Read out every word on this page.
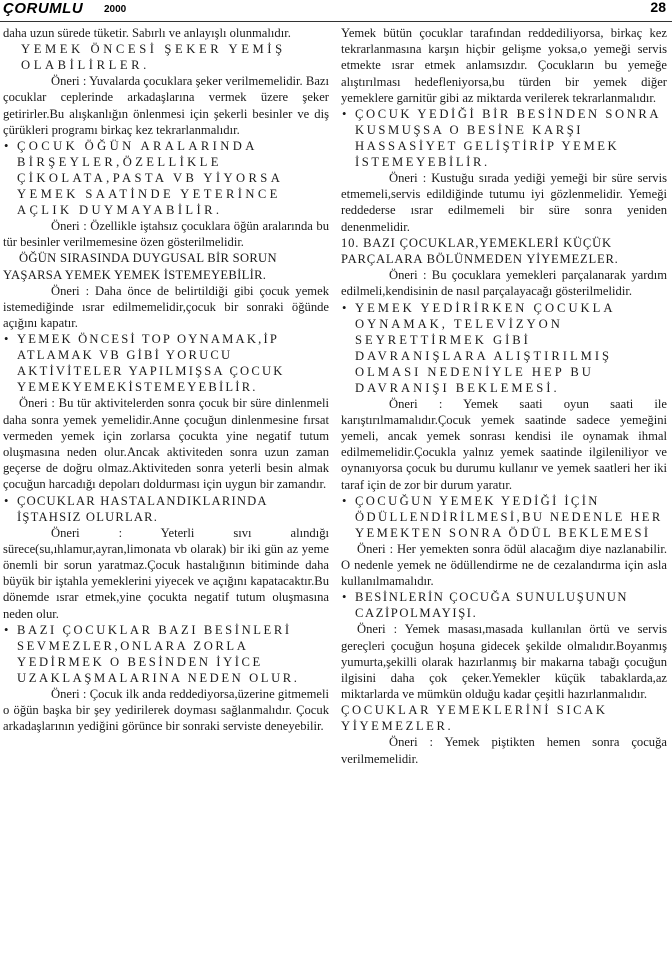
ÇORUMLU 2000	28

daha uzun sürede tüketir. Sabırlı ve anlayışlı olunmalıdır.

YEMEK ÖNCESİ ŞEKER YEMİŞ OLABİLİRLER.

Öneri : Yuvalarda çocuklara şeker verilmemelidir. Bazı çocuklar ceplerinde arkadaşlarına vermek üzere şeker getirirler.Bu alışkanlığın önlenmesi için şekerli besinler ve diş çürükleri programı birkaç kez tekrarlanmalıdır.

• ÇOCUK ÖĞÜN ARALARINDA BİRŞEYLER,ÖZELLİKLE ÇİKOLATA,PASTA VB YİYORSA YEMEK SAATİNDE YETERİNCE AÇLIK DUYMAYABİLİR.

Öneri : Özellikle iştahsız çocuklara öğün aralarında bu tür besinler verilmemesine özen gösterilmelidir.

ÖĞÜN SIRASINDA DUYGUSAL BİR SORUN YAŞARSA YEMEK YEMEK İSTEMEYEBİLİR.

Öneri : Daha önce de belirtildiği gibi çocuk yemek istemediğinde ısrar edilmemelidir,çocuk bir sonraki öğünde açığını kapatır.

• YEMEK ÖNCESİ TOP OYNAMAK,İP ATLAMAK VB GİBİ YORUCU AKTİVİTELER YAPILMIŞSA ÇOCUK YEMEKYEMEKİSTEMEYEBİLİR.

Öneri : Bu tür aktivitelerden sonra çocuk bir süre dinlenmeli daha sonra yemek yemelidir.Anne çocuğun dinlenmesine fırsat vermeden yemek için zorlarsa çocukta yine negatif tutum oluşmasına neden olur.Ancak aktiviteden sonra uzun zaman geçerse de doğru olmaz.Aktiviteden sonra yeterli besin almak çocuğun harcadığı depoları doldurması için uygun bir zamandır.

• ÇOCUKLAR HASTALANDIKLARINDA İŞTAHSIZ OLURLAR.

Öneri : Yeterli sıvı alındığı sürece(su,ıhlamur,ayran,limonata vb olarak) bir iki gün az yeme önemli bir sorun yaratmaz.Çocuk hastalığının bitiminde daha büyük bir iştahla yemeklerini yiyecek ve açığını kapatacaktır.Bu dönemde ısrar etmek,yine çocukta negatif tutum oluşmasına neden olur.

• BAZI ÇOCUKLAR BAZI BESİNLERİ SEVMEZLER,ONLARA ZORLA YEDİRMEK O BESİNDEN İYİCE UZAKLAŞMALARINA NEDEN OLUR.

Öneri : Çocuk ilk anda reddediyorsa,üzerine gitmemeli o öğün başka bir şey yedirilerek doyması sağlanmalıdır. Çocuk arkadaşlarının yediğini görünce bir sonraki serviste deneyebilir.

Yemek bütün çocuklar tarafından reddediliyorsa, birkaç kez tekrarlanmasına karşın hiçbir gelişme yoksa,o yemeği servis etmekte ısrar etmek anlamsızdır. Çocukların bu yemeğe alıştırılması hedefleniyorsa,bu türden bir yemek diğer yemeklere garnitür gibi az miktarda verilerek tekrarlanmalıdır.

• ÇOCUK YEDİĞİ BİR BESİNDEN SONRA KUSMUŞSA O BESİNE KARŞI HASSASİYET GELİŞTİRİP YEMEK İSTEMEYEBİLİR.

Öneri : Kustuğu sırada yediği yemeği bir süre servis etmemeli,servis edildiğinde tutumu iyi gözlenmelidir. Yemeği reddederse ısrar edilmemeli bir süre sonra yeniden denenmelidir.

10. BAZI ÇOCUKLAR,YEMEKLERİ KÜÇÜK PARÇALARA BÖLÜNMEDEN YİYEMEZLER.

Öneri : Bu çocuklara yemekleri parçalanarak yardım edilmeli,kendisinin de nasıl parçalayacağı gösterilmelidir.

• YEMEK YEDİRİRKEN ÇOCUKLA OYNAMAK, TELEVİZYON SEYRETTİRMEK GİBİ DAVRANIŞLARA ALIŞTIRILMIŞ OLMASI NEDENİYLE HEP BU DAVRANIŞI BEKLEMESİ.

Öneri : Yemek saati oyun saati ile karıştırılmamalıdır.Çocuk yemek saatinde sadece yemeğini yemeli, ancak yemek sonrası kendisi ile oynamak ihmal edilmemelidir.Çocukla yalnız yemek saatinde ilgileniliyor ve oynanıyorsa çocuk bu durumu kullanır ve yemek saatleri her iki taraf için de zor bir durum yaratır.

• ÇOCUĞUN YEMEK YEDİĞİ İÇİN ÖDÜLLENDİRİLMESİ,BU NEDENLE HER YEMEKTEN SONRA ÖDÜL BEKLEMESİ

Öneri : Her yemekten sonra ödül alacağım diye nazlanabilir. O nedenle yemek ne ödüllendirme ne de cezalandırma için asla kullanılmamalıdır.

• BESİNLERİN ÇOCUĞA SUNULUŞUNUN CAZİPOLMAYIŞI.

Öneri : Yemek masası,masada kullanılan örtü ve servis gereçleri çocuğun hoşuna gidecek şekilde olmalıdır.Boyanmış yumurta,şekilli olarak hazırlanmış bir makarna tabağı çocuğun ilgisini daha çok çeker.Yemekler küçük tabaklarda,az miktarlarda ve mümkün olduğu kadar çeşitli hazırlanmalıdır.

ÇOCUKLAR YEMEKLERİNİ SICAK YİYEMEZLER.

Öneri : Yemek piştikten hemen sonra çocuğa verilmemelidir.
